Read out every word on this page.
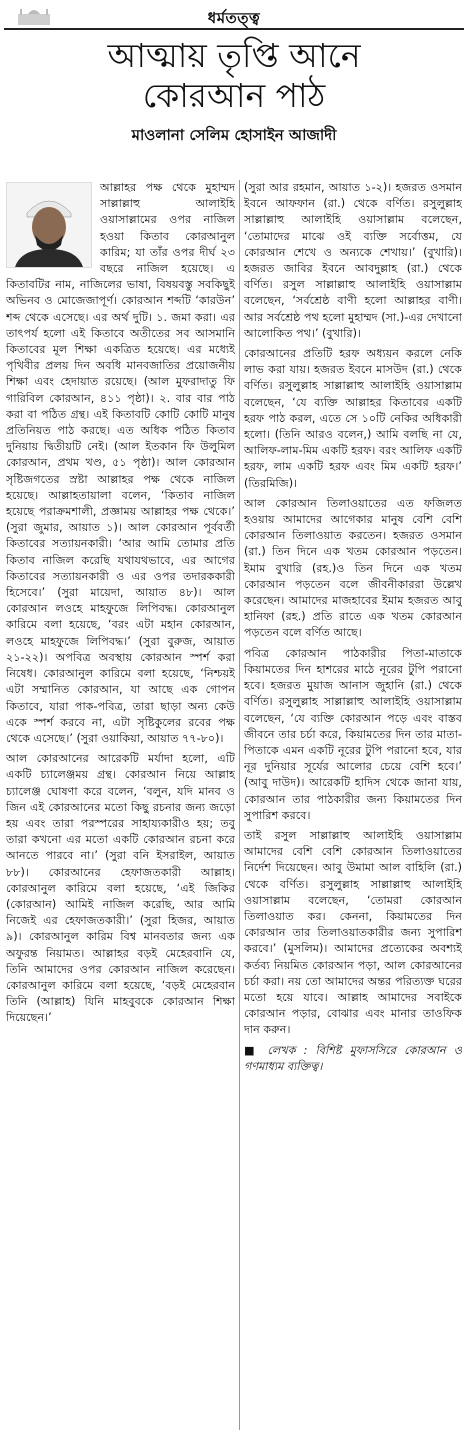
ধর্মতত্ত্ব
আত্মায় তৃপ্তি আনে
কোরআন পাঠ
মাওলানা সেলিম হোসাইন আজাদী

আল্লাহর পক্ষ থেকে মুহাম্মদ সাল্লাল্লাহু আলাইহি ওয়াসাল্লামের ওপর নাজিল হওয়া কিতাব কোরআনুল কারিম; যা তাঁর ওপর দীর্ঘ ২৩ বছরে নাজিল হয়েছে। এ কিতাবটির নাম, নাজিলের ভাষা, বিষয়বস্তু সবকিছুই অভিনব ও মোজেজাপূর্ণ। কোরআন শব্দটি ‘কারউন’ শব্দ থেকে এসেছে। এর অর্থ দুটি। ১. জমা করা। এর তাৎপর্য হলো এই কিতাবে অতীতের সব আসমানি কিতাবের মূল শিক্ষা একত্রিত হয়েছে। এর মধ্যেই পৃথিবীর প্রলয় দিন অবধি মানবজাতির প্রয়োজনীয় শিক্ষা এবং হেদায়াত রয়েছে। (আল মুফরাদাতু ফি গারিবিল কোরআন, ৪১১ পৃষ্ঠা)। ২. বার বার পাঠ করা বা পঠিত গ্রন্থ। এই কিতাবটি কোটি কোটি মানুষ প্রতিনিয়ত পাঠ করছে। এত অধিক পঠিত কিতাব দুনিয়ায় দ্বিতীয়টি নেই। (আল ইতকান ফি উলুমিল কোরআন, প্রথম খণ্ড, ৫১ পৃষ্ঠা)। আল কোরআন সৃষ্টিজগতের স্রষ্টা আল্লাহর পক্ষ থেকে নাজিল হয়েছে। আল্লাহতায়ালা বলেন, ‘কিতাব নাজিল হয়েছে পরাক্রমশালী, প্রজ্ঞাময় আল্লাহর পক্ষ থেকে।’ (সুরা জুমার, আয়াত ১)। আল কোরআন পূর্ববর্তী কিতাবের সত্যায়নকারী। ‘আর আমি তোমার প্রতি কিতাব নাজিল করেছি যথাযথভাবে, এর আগের কিতাবের সত্যায়নকারী ও এর ওপর তদারককারী হিসেবে।’ (সুরা মায়েদা, আয়াত ৪৮)। আল কোরআন লওহে মাহফুজে লিপিবদ্ধ। কোরআনুল কারিমে বলা হয়েছে, ‘বরং এটা মহান কোরআন, লওহে মাহফুজে লিপিবদ্ধ।’ (সুরা বুরুজ, আয়াত ২১-২২)। অপবিত্র অবস্থায় কোরআন স্পর্শ করা নিষেধ। কোরআনুল কারিমে বলা হয়েছে, ‘নিশ্চয়ই এটা সম্মানিত কোরআন, যা আছে এক গোপন কিতাবে, যারা পাক-পবিত্র, তারা ছাড়া অন্য কেউ একে স্পর্শ করবে না, এটা সৃষ্টিকুলের রবের পক্ষ থেকে এসেছে।’ (সুরা ওয়াকিয়া, আয়াত ৭৭-৮০)।

আল কোরআনের আরেকটি মর্যাদা হলো, এটি একটি চ্যালেঞ্জময় গ্রন্থ। কোরআন নিয়ে আল্লাহ চ্যালেঞ্জ ঘোষণা করে বলেন, ‘বলুন, যদি মানব ও জিন এই কোরআনের মতো কিছু রচনার জন্য জড়ো হয় এবং তারা পরস্পরের সাহায্যকারীও হয়; তবু তারা কখনো এর মতো একটি কোরআন রচনা করে আনতে পারবে না।’ (সুরা বনি ইসরাইল, আয়াত ৮৮)। কোরআনের হেফাজতকারী আল্লাহ। কোরআনুল কারিমে বলা হয়েছে, ‘এই জিকির (কোরআন) আমিই নাজিল করেছি, আর আমি নিজেই এর হেফাজতকারী।’ (সুরা হিজর, আয়াত ৯)। কোরআনুল কারিম বিশ্ব মানবতার জন্য এক অফুরন্ত নিয়ামত। আল্লাহর বড়ই মেহেরবানি যে, তিনি আমাদের ওপর কোরআন নাজিল করেছেন। কোরআনুল কারিমে বলা হয়েছে, ‘বড়ই মেহেরবান তিনি (আল্লাহ) যিনি মাহবুবকে কোরআন শিক্ষা দিয়েছেন।’

(সুরা আর রহমান, আয়াত ১-২)। হজরত ওসমান ইবনে আফফান (রা.) থেকে বর্ণিত। রসুলুল্লাহ সাল্লাল্লাহু আলাইহি ওয়াসাল্লাম বলেছেন, ‘তোমাদের মাঝে ওই ব্যক্তি সর্বোত্তম, যে কোরআন শেখে ও অন্যকে শেখায়।’ (বুখারি)। হজরত জাবির ইবনে আবদুল্লাহ (রা.) থেকে বর্ণিত। রসুল সাল্লাল্লাহু আলাইহি ওয়াসাল্লাম বলেছেন, ‘সর্বশ্রেষ্ঠ বাণী হলো আল্লাহর বাণী। আর সর্বশ্রেষ্ঠ পথ হলো মুহাম্মদ (সা.)-এর দেখানো আলোকিত পথ।’ (বুখারি)।

কোরআনের প্রতিটি হরফ অধ্যয়ন করলে নেকি লাভ করা যায়। হজরত ইবনে মাসউদ (রা.) থেকে বর্ণিত। রসুলুল্লাহ সাল্লাল্লাহু আলাইহি ওয়াসাল্লাম বলেছেন, ‘যে ব্যক্তি আল্লাহর কিতাবের একটি হরফ পাঠ করল, এতে সে ১০টি নেকির অধিকারী হলো। (তিনি আরও বলেন,) আমি বলছি না যে, আলিফ-লাম-মিম একটি হরফ। বরং আলিফ একটি হরফ, লাম একটি হরফ এবং মিম একটি হরফ।’ (তিরমিজি)।

আল কোরআন তিলাওয়াতের এত ফজিলত হওয়ায় আমাদের আগেকার মানুষ বেশি বেশি কোরআন তিলাওয়াত করতেন। হজরত ওসমান (রা.) তিন দিনে এক খতম কোরআন পড়তেন। ইমাম বুখারি (রহ.)ও তিন দিনে এক খতম কোরআন পড়তেন বলে জীবনীকাররা উল্লেখ করেছেন। আমাদের মাজহাবের ইমাম হজরত আবু হানিফা (রহ.) প্রতি রাতে এক খতম কোরআন পড়তেন বলে বর্ণিত আছে।

পবিত্র কোরআন পাঠকারীর পিতা-মাতাকে কিয়ামতের দিন হাশরের মাঠে নূরের টুপি পরানো হবে। হজরত মুয়াজ আনাস জুহানি (রা.) থেকে বর্ণিত। রসুলুল্লাহ সাল্লাল্লাহু আলাইহি ওয়াসাল্লাম বলেছেন, ‘যে ব্যক্তি কোরআন পড়ে এবং বাস্তব জীবনে তার চর্চা করে, কিয়ামতের দিন তার মাতা-পিতাকে এমন একটি নূরের টুপি পরানো হবে, যার নূর দুনিয়ার সূর্যের আলোর চেয়ে বেশি হবে।’ (আবু দাউদ)। আরেকটি হাদিস থেকে জানা যায়, কোরআন তার পাঠকারীর জন্য কিয়ামতের দিন সুপারিশ করবে।

তাই রসুল সাল্লাল্লাহু আলাইহি ওয়াসাল্লাম আমাদের বেশি বেশি কোরআন তিলাওয়াতের নির্দেশ দিয়েছেন। আবু উমামা আল বাহিলি (রা.) থেকে বর্ণিত। রসুলুল্লাহ সাল্লাল্লাহু আলাইহি ওয়াসাল্লাম বলেছেন, ‘তোমরা কোরআন তিলাওয়াত কর। কেননা, কিয়ামতের দিন কোরআন তার তিলাওয়াতকারীর জন্য সুপারিশ করবে।’ (মুসলিম)। আমাদের প্রত্যেকের অবশ্যই কর্তব্য নিয়মিত কোরআন পড়া, আল কোরআনের চর্চা করা। নয় তো আমাদের অন্তর পরিত্যক্ত ঘরের মতো হয়ে যাবে। আল্লাহ আমাদের সবাইকে কোরআন পড়ার, বোঝার এবং মানার তাওফিক দান করুন।

■ লেখক : বিশিষ্ট মুফাসসিরে কোরআন ও গণমাধ্যম ব্যক্তিত্ব।
